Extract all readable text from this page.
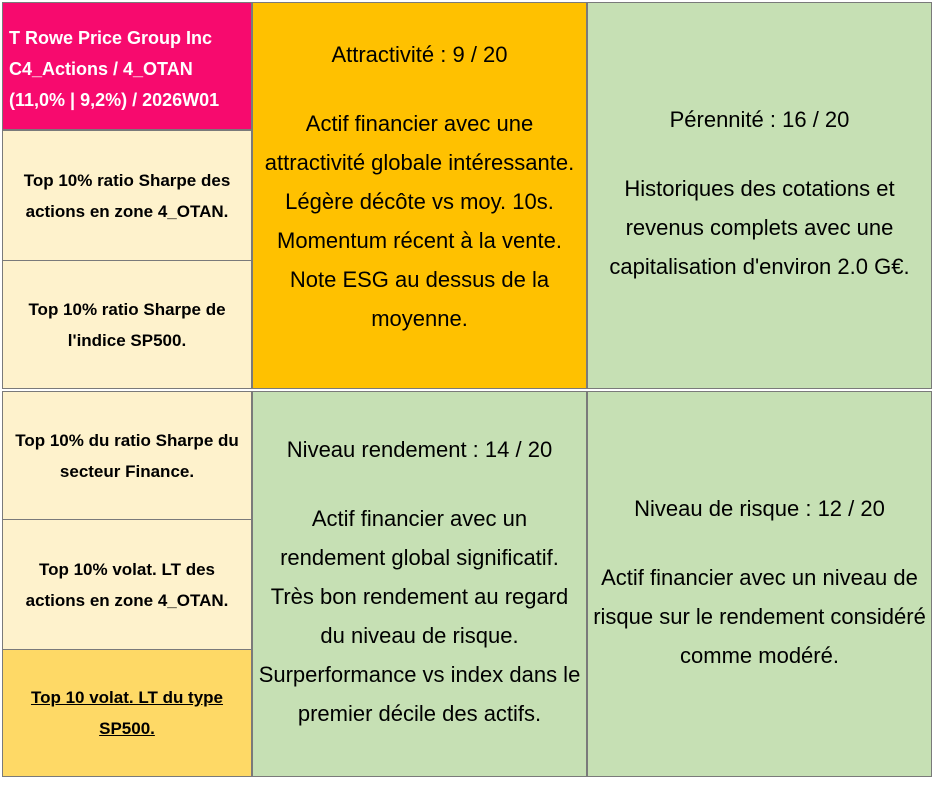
T Rowe Price Group Inc
C4_Actions / 4_OTAN
(11,0% | 9,2%) / 2026W01
Top 10% ratio Sharpe des actions en zone 4_OTAN.
Top 10% ratio Sharpe de l'indice SP500.
Top 10% du ratio Sharpe du secteur Finance.
Top 10% volat. LT des actions en zone 4_OTAN.
Top 10 volat. LT du type SP500.
Attractivité : 9 / 20
Actif financier avec une attractivité globale intéressante. Légère décôte vs moy. 10s. Momentum récent à la vente. Note ESG au dessus de la moyenne.
Pérennité : 16 / 20
Historiques des cotations et revenus complets avec une capitalisation d'environ 2.0 G€.
Niveau rendement : 14 / 20
Actif financier avec un rendement global significatif. Très bon rendement au regard du niveau de risque. Surperformance vs index dans le premier décile des actifs.
Niveau de risque : 12 / 20
Actif financier avec un niveau de risque sur le rendement considéré comme modéré.
